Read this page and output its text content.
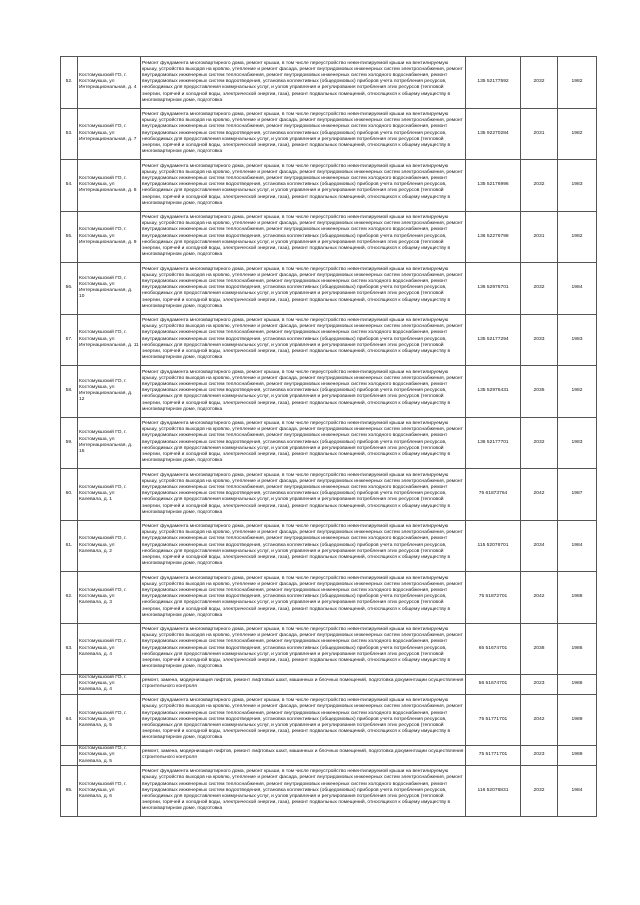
52.	Костомукшский ГО, г. Костомукша, ул Интернациональная, д. 4	Ремонт фундамента многоквартирного дома, ремонт крыши, в том числе переустройство невентилируемой крыши на вентилируемую крышу, устройство выходов на кровлю, утепление и ремонт фасада, ремонт внутридомовых инженерных систем электроснабжения, ремонт внутридомовых инженерных систем теплоснабжения, ремонт внутридомовых инженерных систем холодного водоснабжения, ремонт внутридомовых инженерных систем водоотведения, установка коллективных (общедомовых) приборов учета потребления ресурсов, необходимых для предоставления коммунальных услуг, и узлов управления и регулирования потребления этих ресурсов (тепловой энергии, горячей и холодной воды, электрической энергии, газа), ремонт подвальных помещений, относящихся к общему имуществу в многоквартирном доме, подготовка	135 52177592	2032	1982
53.	Костомукшский ГО, г. Костомукша, ул Интернациональная, д. 7	Ремонт фундамента многоквартирного дома, ремонт крыши, в том числе переустройство невентилируемой крыши на вентилируемую крышу, устройство выходов на кровлю, утепление и ремонт фасада, ремонт внутридомовых инженерных систем электроснабжения, ремонт внутридомовых инженерных систем теплоснабжения, ремонт внутридомовых инженерных систем холодного водоснабжения, ремонт внутридомовых инженерных систем водоотведения, установка коллективных (общедомовых) приборов учета потребления ресурсов, необходимых для предоставления коммунальных услуг, и узлов управления и регулирования потребления этих ресурсов (тепловой энергии, горячей и холодной воды, электрической энергии, газа), ремонт подвальных помещений, относящихся к общему имуществу в многоквартирном доме, подготовка	135 92270284	2031	1982
54.	Костомукшский ГО, г. Костомукша, ул Интернациональная, д. 8	Ремонт фундамента многоквартирного дома, ремонт крыши, в том числе переустройство невентилируемой крыши на вентилируемую крышу, устройство выходов на кровлю, утепление и ремонт фасада, ремонт внутридомовых инженерных систем электроснабжения, ремонт внутридомовых инженерных систем теплоснабжения, ремонт внутридомовых инженерных систем холодного водоснабжения, ремонт внутридомовых инженерных систем водоотведения, установка коллективных (общедомовых) приборов учета потребления ресурсов, необходимых для предоставления коммунальных услуг, и узлов управления и регулирования потребления этих ресурсов (тепловой энергии, горячей и холодной воды, электрической энергии, газа), ремонт подвальных помещений, относящихся к общему имуществу в многоквартирном доме, подготовка	135 52176996	2032	1983
55.	Костомукшский ГО, г. Костомукша, ул Интернациональная, д. 9	Ремонт фундамента многоквартирного дома, ремонт крыши, в том числе переустройство невентилируемой крыши на вентилируемую крышу, устройство выходов на кровлю, утепление и ремонт фасада, ремонт внутридомовых инженерных систем электроснабжения, ремонт внутридомовых инженерных систем теплоснабжения, ремонт внутридомовых инженерных систем холодного водоснабжения, ремонт внутридомовых инженерных систем водоотведения, установка коллективных (общедомовых) приборов учета потребления ресурсов, необходимых для предоставления коммунальных услуг, и узлов управления и регулирования потребления этих ресурсов (тепловой энергии, горячей и холодной воды, электрической энергии, газа), ремонт подвальных помещений, относящихся к общему имуществу в многоквартирном доме, подготовка	136 52276798	2031	1982
56.	Костомукшский ГО, г. Костомукша, ул Интернациональная, д. 10	Ремонт фундамента многоквартирного дома, ремонт крыши, в том числе переустройство невентилируемой крыши на вентилируемую крышу, устройство выходов на кровлю, утепление и ремонт фасада, ремонт внутридомовых инженерных систем электроснабжения, ремонт внутридомовых инженерных систем теплоснабжения, ремонт внутридомовых инженерных систем холодного водоснабжения, ремонт внутридомовых инженерных систем водоотведения, установка коллективных (общедомовых) приборов учета потребления ресурсов, необходимых для предоставления коммунальных услуг, и узлов управления и регулирования потребления этих ресурсов (тепловой энергии, горячей и холодной воды, электрической энергии, газа), ремонт подвальных помещений, относящихся к общему имуществу в многоквартирном доме, подготовка	136 52976701	2032	1984
57.	Костомукшский ГО, г. Костомукша, ул Интернациональная, д. 11	Ремонт фундамента многоквартирного дома, ремонт крыши, в том числе переустройство невентилируемой крыши на вентилируемую крышу, устройство выходов на кровлю, утепление и ремонт фасада, ремонт внутридомовых инженерных систем электроснабжения, ремонт внутридомовых инженерных систем теплоснабжения, ремонт внутридомовых инженерных систем холодного водоснабжения, ремонт внутридомовых инженерных систем водоотведения, установка коллективных (общедомовых) приборов учета потребления ресурсов, необходимых для предоставления коммунальных услуг, и узлов управления и регулирования потребления этих ресурсов (тепловой энергии, горячей и холодной воды, электрической энергии, газа), ремонт подвальных помещений, относящихся к общему имуществу в многоквартирном доме, подготовка	135 52177294	2033	1983
58.	Костомукшский ГО, г. Костомукша, ул Интернациональная, д. 12	Ремонт фундамента многоквартирного дома, ремонт крыши, в том числе переустройство невентилируемой крыши на вентилируемую крышу, устройство выходов на кровлю, утепление и ремонт фасада, ремонт внутридомовых инженерных систем электроснабжения, ремонт внутридомовых инженерных систем теплоснабжения, ремонт внутридомовых инженерных систем холодного водоснабжения, ремонт внутридомовых инженерных систем водоотведения, установка коллективных (общедомовых) приборов учета потребления ресурсов, необходимых для предоставления коммунальных услуг, и узлов управления и регулирования потребления этих ресурсов (тепловой энергии, горячей и холодной воды, электрической энергии, газа), ремонт подвальных помещений, относящихся к общему имуществу в многоквартирном доме, подготовка	135 52976431	2035	1982
59.	Костомукшский ГО, г. Костомукша, ул Интернациональная, д. 15	Ремонт фундамента многоквартирного дома, ремонт крыши, в том числе переустройство невентилируемой крыши на вентилируемую крышу, устройство выходов на кровлю, утепление и ремонт фасада, ремонт внутридомовых инженерных систем электроснабжения, ремонт внутридомовых инженерных систем теплоснабжения, ремонт внутридомовых инженерных систем холодного водоснабжения, ремонт внутридомовых инженерных систем водоотведения, установка коллективных (общедомовых) приборов учета потребления ресурсов, необходимых для предоставления коммунальных услуг, и узлов управления и регулирования потребления этих ресурсов (тепловой энергии, горячей и холодной воды, электрической энергии, газа), ремонт подвальных помещений, относящихся к общему имуществу в многоквартирном доме, подготовка	136 52177701	2032	1983
60.	Костомукшский ГО, г. Костомукша, ул Калевала, д. 1	Ремонт фундамента многоквартирного дома, ремонт крыши, в том числе переустройство невентилируемой крыши на вентилируемую крышу, устройство выходов на кровлю, утепление и ремонт фасада, ремонт внутридомовых инженерных систем электроснабжения, ремонт внутридомовых инженерных систем теплоснабжения, ремонт внутридомовых инженерных систем холодного водоснабжения, ремонт внутридомовых инженерных систем водоотведения, установка коллективных (общедомовых) приборов учета потребления ресурсов, необходимых для предоставления коммунальных услуг, и узлов управления и регулирования потребления этих ресурсов (тепловой энергии, горячей и холодной воды, электрической энергии, газа), ремонт подвальных помещений, относящихся к общему имуществу в многоквартирном доме, подготовка	75 61873764	2042	1987
61.	Костомукшский ГО, г. Костомукша, ул Калевала, д. 2	Ремонт фундамента многоквартирного дома, ремонт крыши, в том числе переустройство невентилируемой крыши на вентилируемую крышу, устройство выходов на кровлю, утепление и ремонт фасада, ремонт внутридомовых инженерных систем электроснабжения, ремонт внутридомовых инженерных систем теплоснабжения, ремонт внутридомовых инженерных систем холодного водоснабжения, ремонт внутридомовых инженерных систем водоотведения, установка коллективных (общедомовых) приборов учета потребления ресурсов, необходимых для предоставления коммунальных услуг, и узлов управления и регулирования потребления этих ресурсов (тепловой энергии, горячей и холодной воды, электрической энергии, газа), ремонт подвальных помещений, относящихся к общему имуществу в многоквартирном доме, подготовка	115 52076701	2034	1984
62.	Костомукшский ГО, г. Костомукша, ул Калевала, д. 3	Ремонт фундамента многоквартирного дома, ремонт крыши, в том числе переустройство невентилируемой крыши на вентилируемую крышу, устройство выходов на кровлю, утепление и ремонт фасада, ремонт внутридомовых инженерных систем электроснабжения, ремонт внутридомовых инженерных систем теплоснабжения, ремонт внутридомовых инженерных систем холодного водоснабжения, ремонт внутридомовых инженерных систем водоотведения, установка коллективных (общедомовых) приборов учета потребления ресурсов, необходимых для предоставления коммунальных услуг, и узлов управления и регулирования потребления этих ресурсов (тепловой энергии, горячей и холодной воды, электрической энергии, газа), ремонт подвальных помещений, относящихся к общему имуществу в многоквартирном доме, подготовка	75 51872701	2042	1988
63.	Костомукшский ГО, г. Костомукша, ул Калевала, д. 4	Ремонт фундамента многоквартирного дома, ремонт крыши, в том числе переустройство невентилируемой крыши на вентилируемую крышу, устройство выходов на кровлю, утепление и ремонт фасада, ремонт внутридомовых инженерных систем электроснабжения, ремонт внутридомовых инженерных систем теплоснабжения, ремонт внутридомовых инженерных систем холодного водоснабжения, ремонт внутридомовых инженерных систем водоотведения, установка коллективных (общедомовых) приборов учета потребления ресурсов, необходимых для предоставления коммунальных услуг, и узлов управления и регулирования потребления этих ресурсов (тепловой энергии, горячей и холодной воды, электрической энергии, газа), ремонт подвальных помещений, относящихся к общему имуществу в многоквартирном доме, подготовка	65 51674701	2038	1986

	Костомукшский ГО, г. Костомукша, ул Калевала, д. 4	ремонт, замена, модернизация лифтов, ремонт лифтовых шахт, машинных и блочных помещений, подготовка документации осуществления строительного контроля	56 51674701	2023	1986
64.	Костомукшский ГО, г. Костомукша, ул Калевала, д. 5	Ремонт фундамента многоквартирного дома, ремонт крыши, в том числе переустройство невентилируемой крыши на вентилируемую крышу, устройство выходов на кровлю, утепление и ремонт фасада, ремонт внутридомовых инженерных систем электроснабжения, ремонт внутридомовых инженерных систем теплоснабжения, ремонт внутридомовых инженерных систем холодного водоснабжения, ремонт внутридомовых инженерных систем водоотведения, установка коллективных (общедомовых) приборов учета потребления ресурсов, необходимых для предоставления коммунальных услуг, и узлов управления и регулирования потребления этих ресурсов (тепловой энергии, горячей и холодной воды, электрической энергии, газа), ремонт подвальных помещений, относящихся к общему имуществу в многоквартирном доме, подготовка	75 51771701	2042	1989

	Костомукшский ГО, г. Костомукша, ул Калевала, д. 5	ремонт, замена, модернизация лифтов, ремонт лифтовых шахт, машинных и блочных помещений, подготовка документации осуществления строительного контроля	75 51771701	2023	1989
65.	Костомукшский ГО, г. Костомукша, ул Калевала, д. 6	Ремонт фундамента многоквартирного дома, ремонт крыши, в том числе переустройство невентилируемой крыши на вентилируемую крышу, устройство выходов на кровлю, утепление и ремонт фасада, ремонт внутридомовых инженерных систем электроснабжения, ремонт внутридомовых инженерных систем теплоснабжения, ремонт внутридомовых инженерных систем холодного водоснабжения, ремонт внутридомовых инженерных систем водоотведения, установка коллективных (общедомовых) приборов учета потребления ресурсов, необходимых для предоставления коммунальных услуг, и узлов управления и регулирования потребления этих ресурсов (тепловой энергии, горячей и холодной воды, электрической энергии, газа), ремонт подвальных помещений, относящихся к общему имуществу в многоквартирном доме, подготовка	116 52076831	2032	1984
